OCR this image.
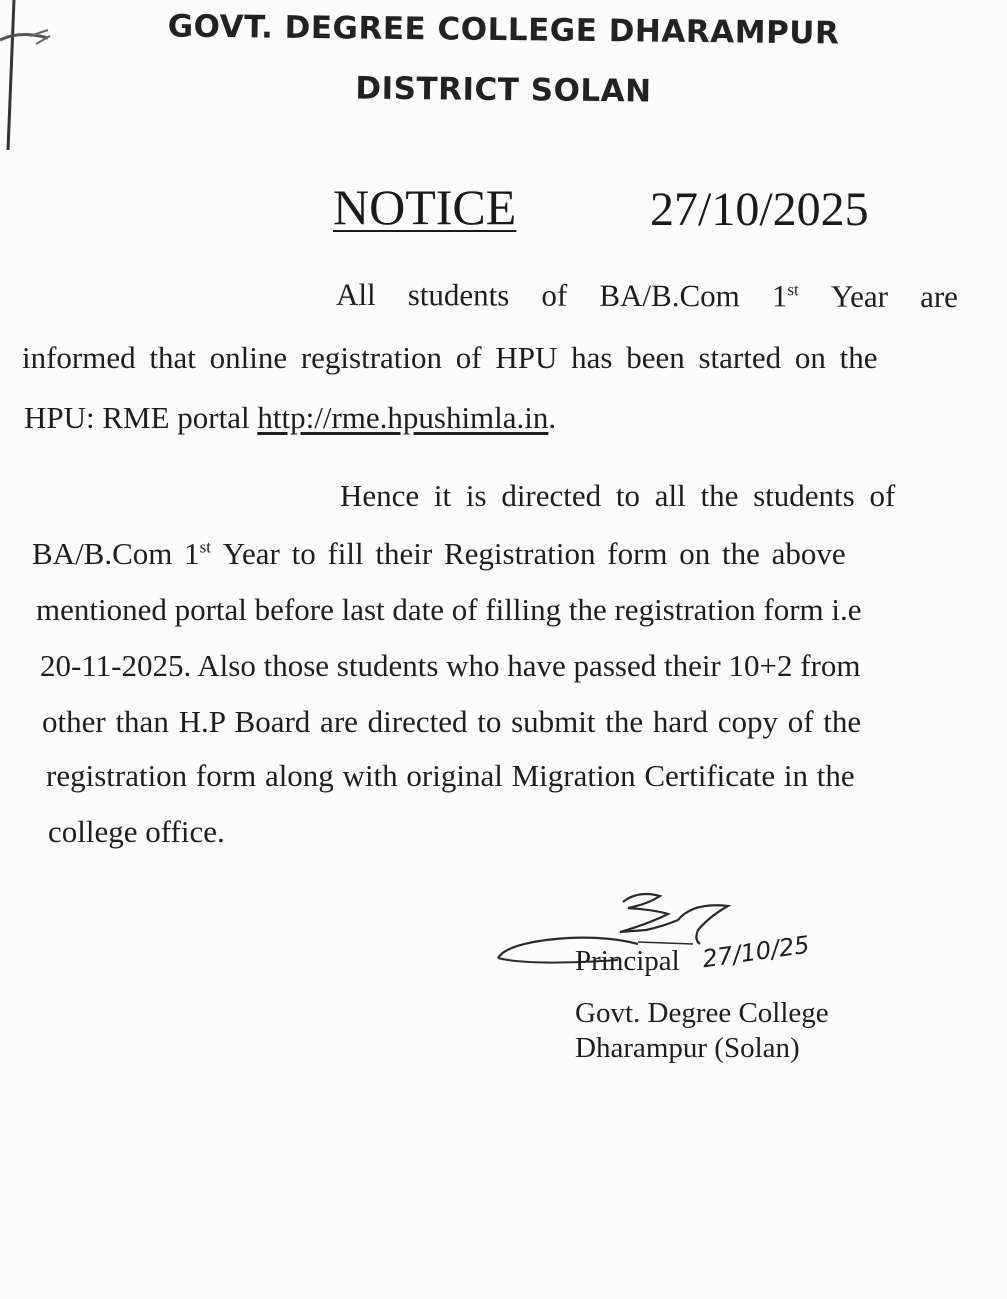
GOVT. DEGREE COLLEGE DHARAMPUR
DISTRICT SOLAN
NOTICE	27/10/2025
All students of BA/B.Com 1st Year are
informed that online registration of HPU has been started on the
HPU: RME portal http://rme.hpushimla.in .
Hence it is directed to all the students of
BA/B.Com 1st Year to fill their Registration form on the above
mentioned portal before last date of filling the registration form i.e
20-11-2025. Also those students who have passed their 10+2 from
other than H.P Board are directed to submit the hard copy of the
registration form along with original Migration Certificate in the
college office.
Principal 27/10/25
Govt. Degree College
Dharampur (Solan)
